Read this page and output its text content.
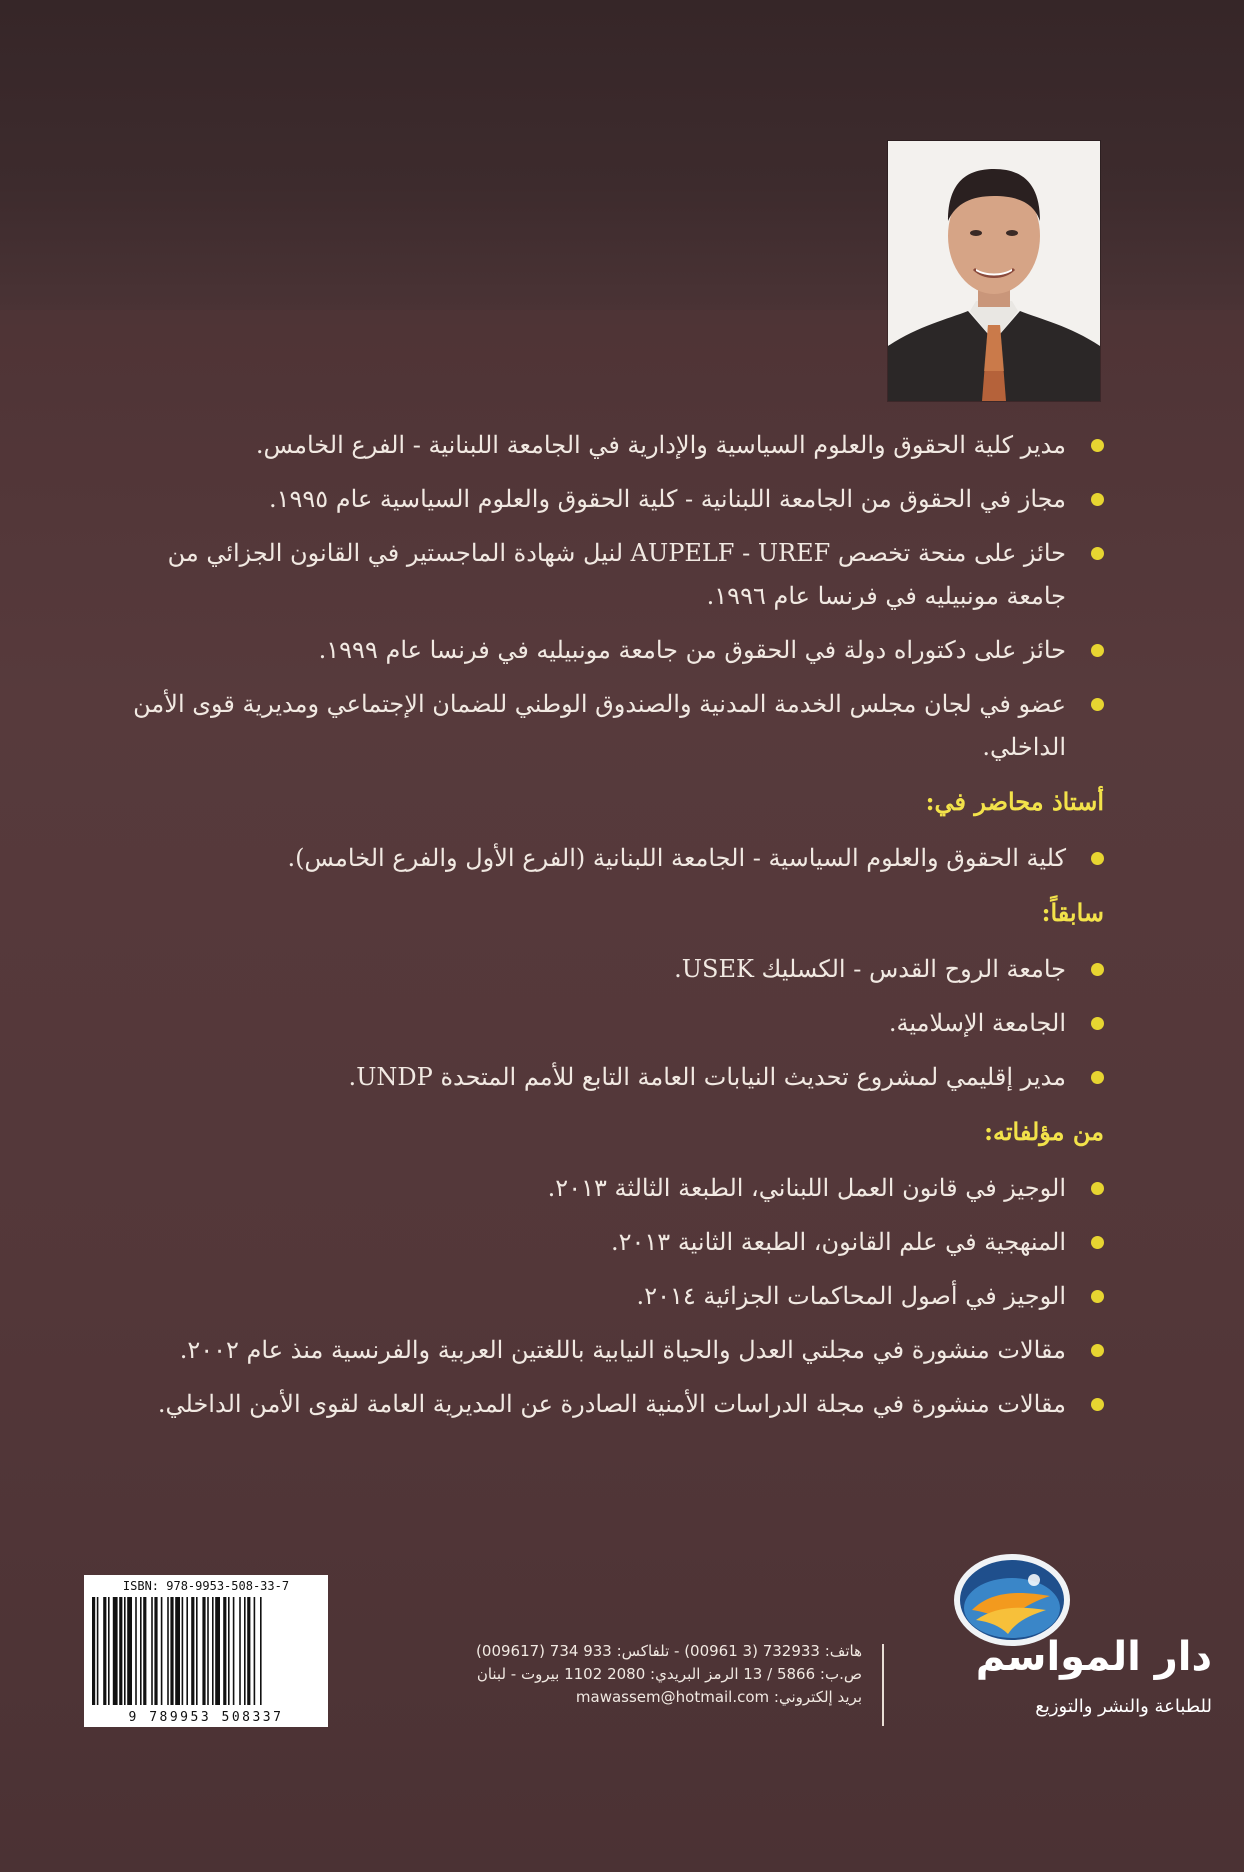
مدير كلية الحقوق والعلوم السياسية والإدارية في الجامعة اللبنانية - الفرع الخامس.
مجاز في الحقوق من الجامعة اللبنانية - كلية الحقوق والعلوم السياسية عام ١٩٩٥.
حائز على منحة تخصص AUPELF - UREF لنيل شهادة الماجستير في القانون الجزائي من جامعة مونبيليه في فرنسا عام ١٩٩٦.
حائز على دكتوراه دولة في الحقوق من جامعة مونبيليه في فرنسا عام ١٩٩٩.
عضو في لجان مجلس الخدمة المدنية والصندوق الوطني للضمان الإجتماعي ومديرية قوى الأمن الداخلي.
أستاذ محاضر في:
كلية الحقوق والعلوم السياسية - الجامعة اللبنانية (الفرع الأول والفرع الخامس).
سابقاً:
جامعة الروح القدس - الكسليك USEK.
الجامعة الإسلامية.
مدير إقليمي لمشروع تحديث النيابات العامة التابع للأمم المتحدة UNDP.
من مؤلفاته:
الوجيز في قانون العمل اللبناني، الطبعة الثالثة ٢٠١٣.
المنهجية في علم القانون، الطبعة الثانية ٢٠١٣.
الوجيز في أصول المحاكمات الجزائية ٢٠١٤.
مقالات منشورة في مجلتي العدل والحياة النيابية باللغتين العربية والفرنسية منذ عام ٢٠٠٢.
مقالات منشورة في مجلة الدراسات الأمنية الصادرة عن المديرية العامة لقوى الأمن الداخلي.
ISBN: 978-9953-508-33-7
9 789953 508337
هاتف: 732933 (3 00961) - تلفاكس: 933 734 (009617)
ص.ب: 5866 / 13 الرمز البريدي: 2080 1102 بيروت - لبنان
بريد إلكتروني: mawassem@hotmail.com
دار المواسم
للطباعة والنشر والتوزيع
